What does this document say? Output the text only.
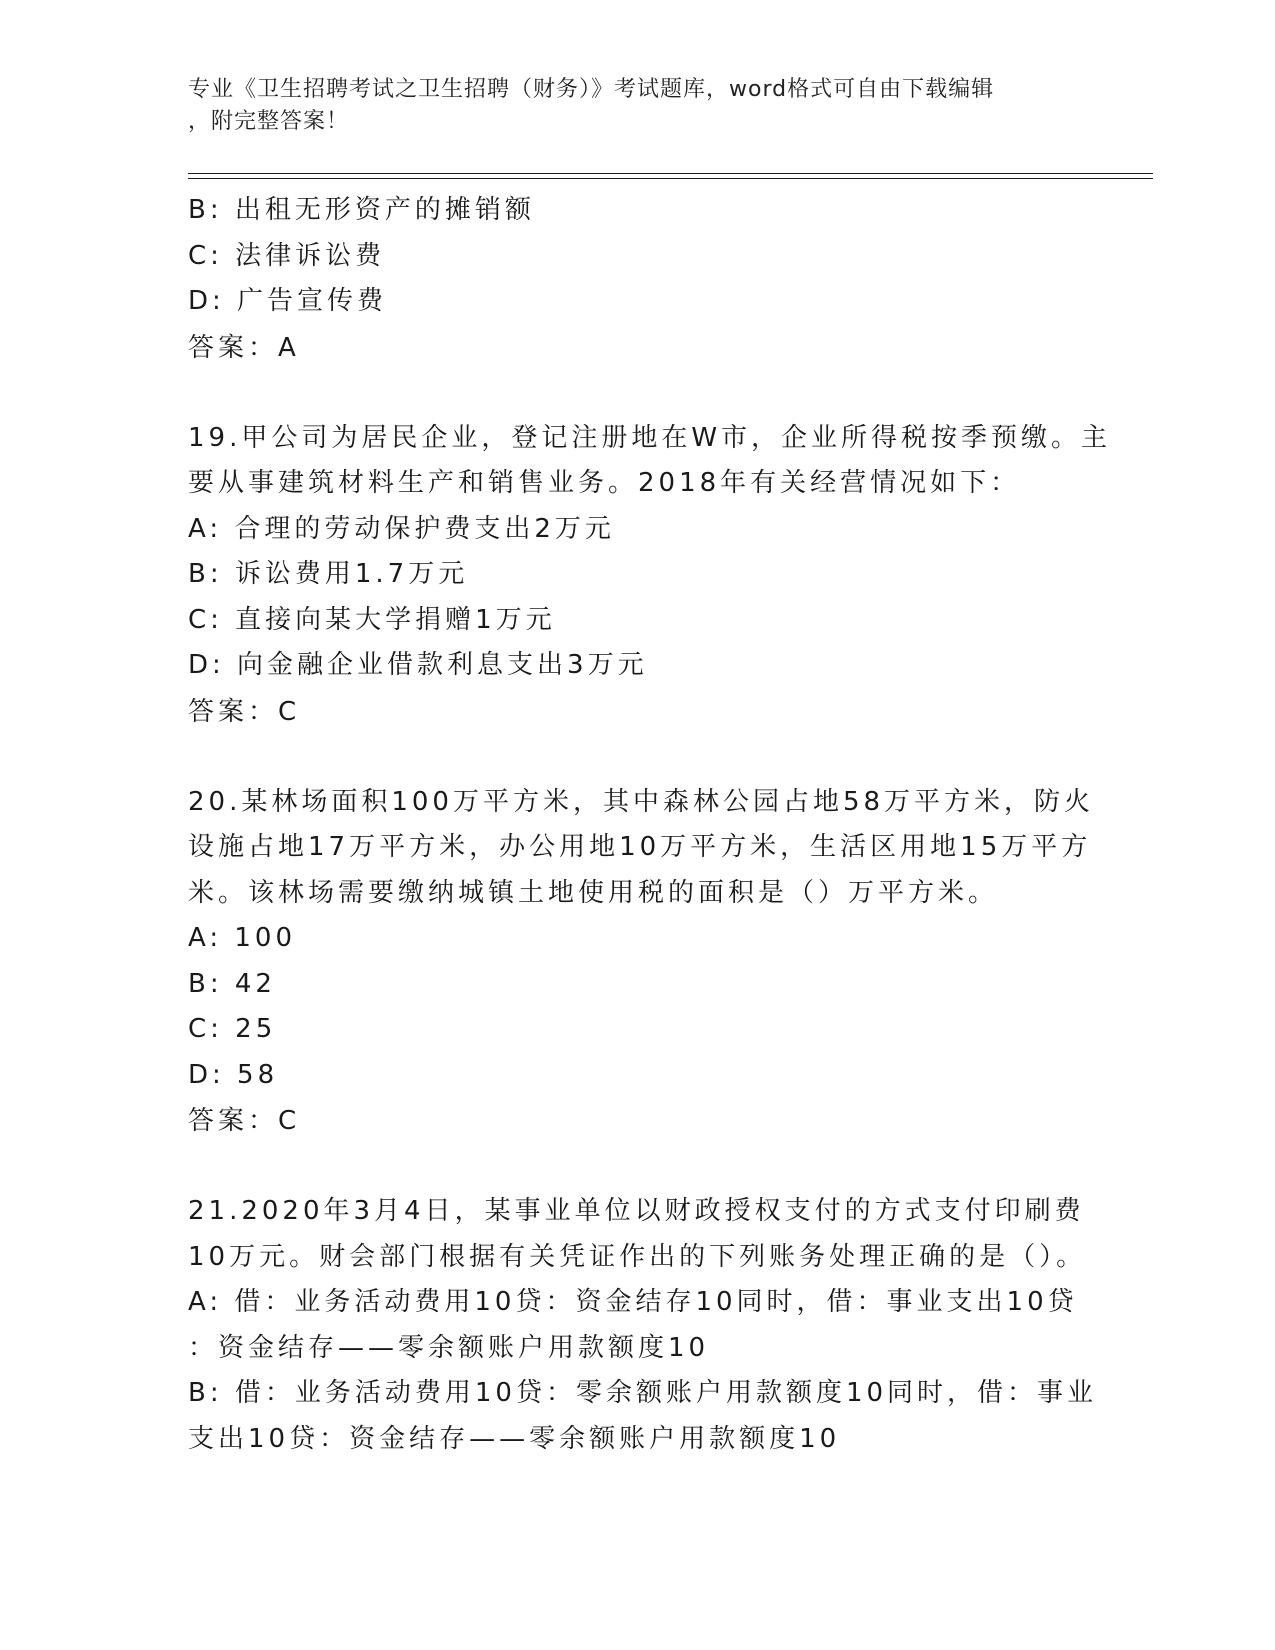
专业《卫生招聘考试之卫生招聘（财务）》考试题库，word格式可自由下载编辑
，附完整答案！
B: 出租无形资产的摊销额
C: 法律诉讼费
D: 广告宣传费
答案：A
19.甲公司为居民企业，登记注册地在W市，企业所得税按季预缴。主
要从事建筑材料生产和销售业务。2018年有关经营情况如下：
A: 合理的劳动保护费支出2万元
B: 诉讼费用1.7万元
C: 直接向某大学捐赠1万元
D: 向金融企业借款利息支出3万元
答案：C
20.某林场面积100万平方米，其中森林公园占地58万平方米，防火
设施占地17万平方米，办公用地10万平方米，生活区用地15万平方
米。该林场需要缴纳城镇土地使用税的面积是（）万平方米。
A: 100
B: 42
C: 25
D: 58
答案：C
21.2020年3月4日，某事业单位以财政授权支付的方式支付印刷费
10万元。财会部门根据有关凭证作出的下列账务处理正确的是（）。
A: 借：业务活动费用10贷：资金结存10同时，借：事业支出10贷
：资金结存——零余额账户用款额度10
B: 借：业务活动费用10贷：零余额账户用款额度10同时，借：事业
支出10贷：资金结存——零余额账户用款额度10
